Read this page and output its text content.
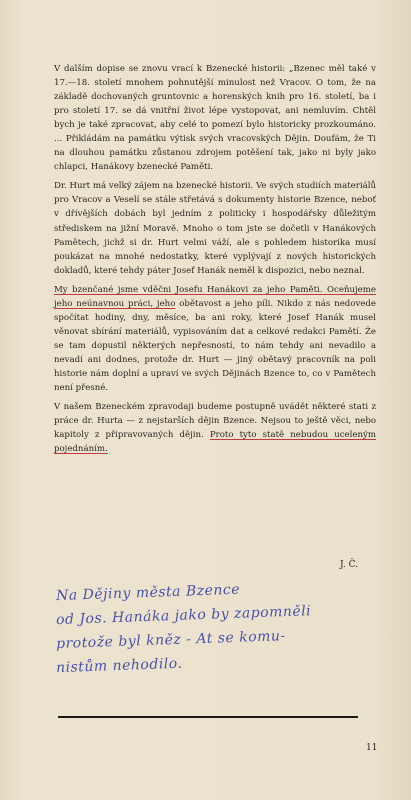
V dalším dopise se znovu vrací k Bzenecké historii: „Bzenec měl také v 17.—18. století mnohem pohnutější minulost než Vracov. O tom, že na základě dochovaných gruntovnic a horenských knih pro 16. století, ba i pro století 17. se dá vnitřní život lépe vystopovat, ani nemluvím. Chtěl bych je také zpracovat, aby celé to pomezí bylo historicky prozkoumáno. ... Přikládám na památku výtisk svých vracovských Dějin. Doufám, že Ti na dlouhou památku zůstanou zdrojem potěšení tak, jako ni byly jako chlapci, Hanákovy bzenecké Paměti.

Dr. Hurt má velký zájem na bzenecké historii. Ve svých studiích materiálů pro Vracov a Veselí se stále střetává s dokumenty historie Bzence, neboť v dřívějších dobách byl jedním z politicky i hospodářsky důležitým střediskem na jižní Moravě. Mnoho o tom jste se dočetli v Hanákových Pamětech, jichž si dr. Hurt velmi váží, ale s pohledem historika musí poukázat na mnohé nedostatky, které vyplývají z nových historických dokladů, které tehdy páter Josef Hanák neměl k dispozici, nebo neznal.

My bzenčané jsme vděčni Josefu Hanákovi za jeho Paměti. Oceňujeme jeho neúnavnou práci, jeho obětavost a jeho píli. Nikdo z nás nedovede spočítat hodiny, dny, měsíce, ba ani roky, které Josef Hanák musel věnovat sbírání materiálů, vypisováním dat a celkové redakci Pamětí. Že se tam dopustil některých nepřesností, to nám tehdy ani nevadilo a nevadí ani dodnes, protože dr. Hurt — jiný obětavý pracovník na poli historie nám doplní a upraví ve svých Dějinách Bzence to, co v Pamětech není přesné.

V našem Bzeneckém zpravodaji budeme postupně uvádět některé stati z práce dr. Hurta — z nejstarších dějin Bzence. Nejsou to ještě věci, nebo kapitoly z připravovaných dějin. Proto tyto statě nebudou uceleným pojednáním.

J. Č.
Na Dějiny města Bzence
od Jos. Hanáka jako by zapomněli
protože byl kněz - At se komu-
nistům nehodilo.
11
